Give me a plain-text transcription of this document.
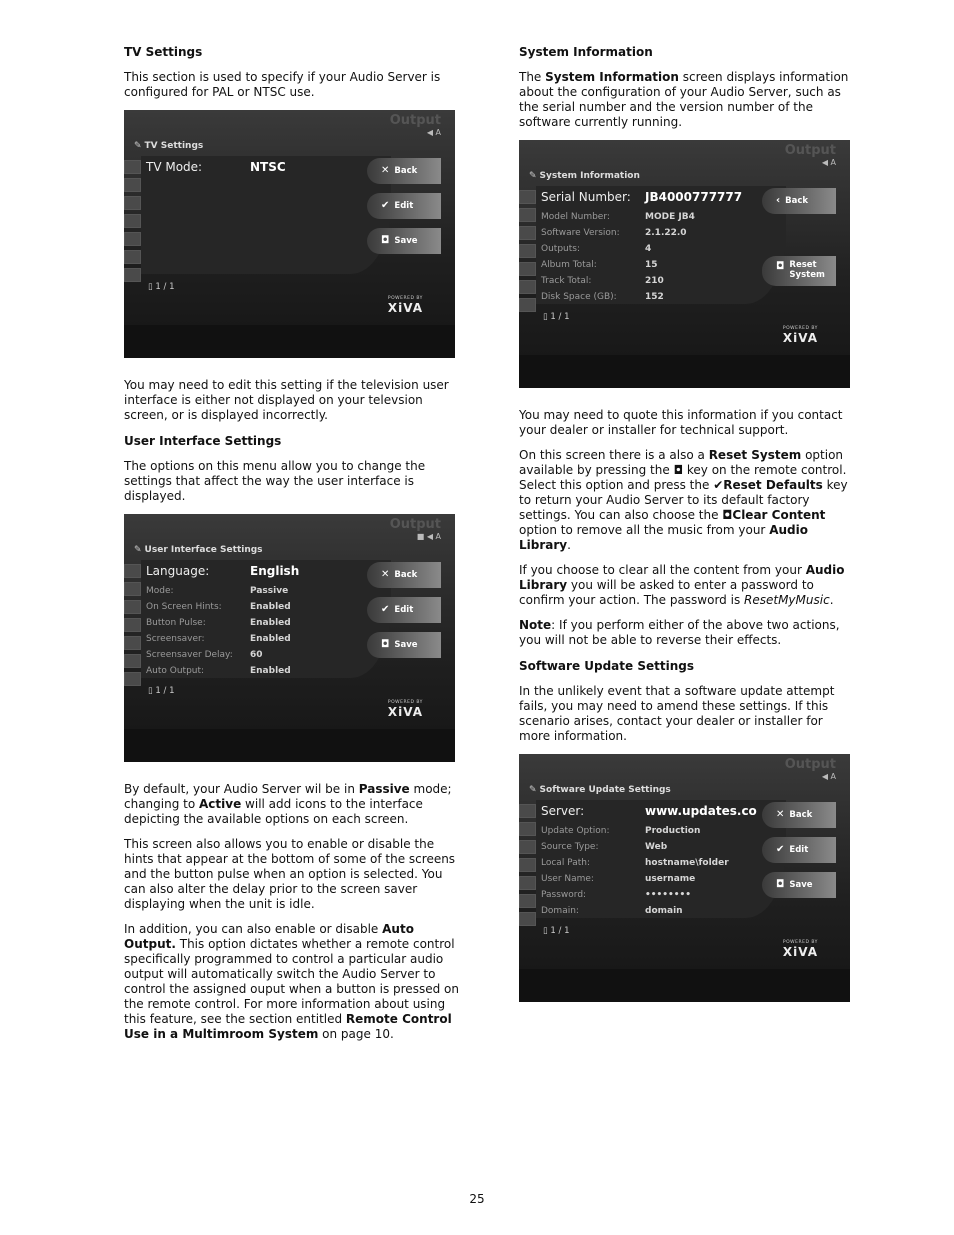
TV Settings

This section is used to specify if your Audio Server is configured for PAL or NTSC use.

Output
◀ A
✎ TV Settings
TV Mode:	NTSC	✕ Back
✔ Edit
◘ Save
▯ 1 / 1
POWERED BY
XiVA

You may need to edit this setting if the television user interface is either not displayed on your televsion screen, or is displayed incorrectly.

User Interface Settings

The options on this menu allow you to change the settings that affect the way the user interface is displayed.

Output
■ ◀ A
✎ User Interface Settings
Language:	English
Mode:	Passive
On Screen Hints:	Enabled
Button Pulse:	Enabled
Screensaver:	Enabled
Screensaver Delay: 60
Auto Output:	Enabled
✕ Back
✔ Edit
◘ Save
▯ 1 / 1
POWERED BY
XiVA

By default, your Audio Server wil be in Passive mode; changing to Active will add icons to the interface depicting the available options on each screen.

This screen also allows you to enable or disable the hints that appear at the bottom of some of the screens and the button pulse when an option is selected. You can also alter the delay prior to the screen saver displaying when the unit is idle.

In addition, you can also enable or disable Auto Output. This option dictates whether a remote control specifically programmed to control a particular audio output will automatically switch the Audio Server to control the assigned ouput when a button is pressed on the remote control. For more information about using this feature, see the section entitled Remote Control Use in a Multimroom System on page 10.

System Information

The System Information screen displays information about the configuration of your Audio Server, such as the serial number and the version number of the software currently running.

Output
◀ A
✎ System Information
Serial Number: JB4000777777
Model Number:	MODE JB4
Software Version:	2.1.22.0
Outputs:	4
Album Total:	15
Track Total:	210
Disk Space (GB):	152
‹ Back
◘ Reset
System
▯ 1 / 1
POWERED BY
XiVA

You may need to quote this information if you contact your dealer or installer for technical support.

On this screen there is a also a Reset System option available by pressing the ◘ key on the remote control. Select this option and press the ✔Reset Defaults key to return your Audio Server to its default factory settings. You can also choose the ◘Clear Content option to remove all the music from your Audio Library.

If you choose to clear all the content from your Audio Library you will be asked to enter a password to confirm your action. The password is ResetMyMusic.

Note: If you perform either of the above two actions, you will not be able to reverse their effects.

Software Update Settings

In the unlikely event that a software update attempt fails, you may need to amend these settings. If this scenario arises, contact your dealer or installer for more information.

Output
◀ A
✎ Software Update Settings
Server:	www.updates.co
Update Option:	Production
Source Type:	Web
Local Path:	hostname\folder
User Name:	username
Password:	••••••••
Domain:	domain
✕ Back
✔ Edit
◘ Save
▯ 1 / 1
POWERED BY
XiVA
25
